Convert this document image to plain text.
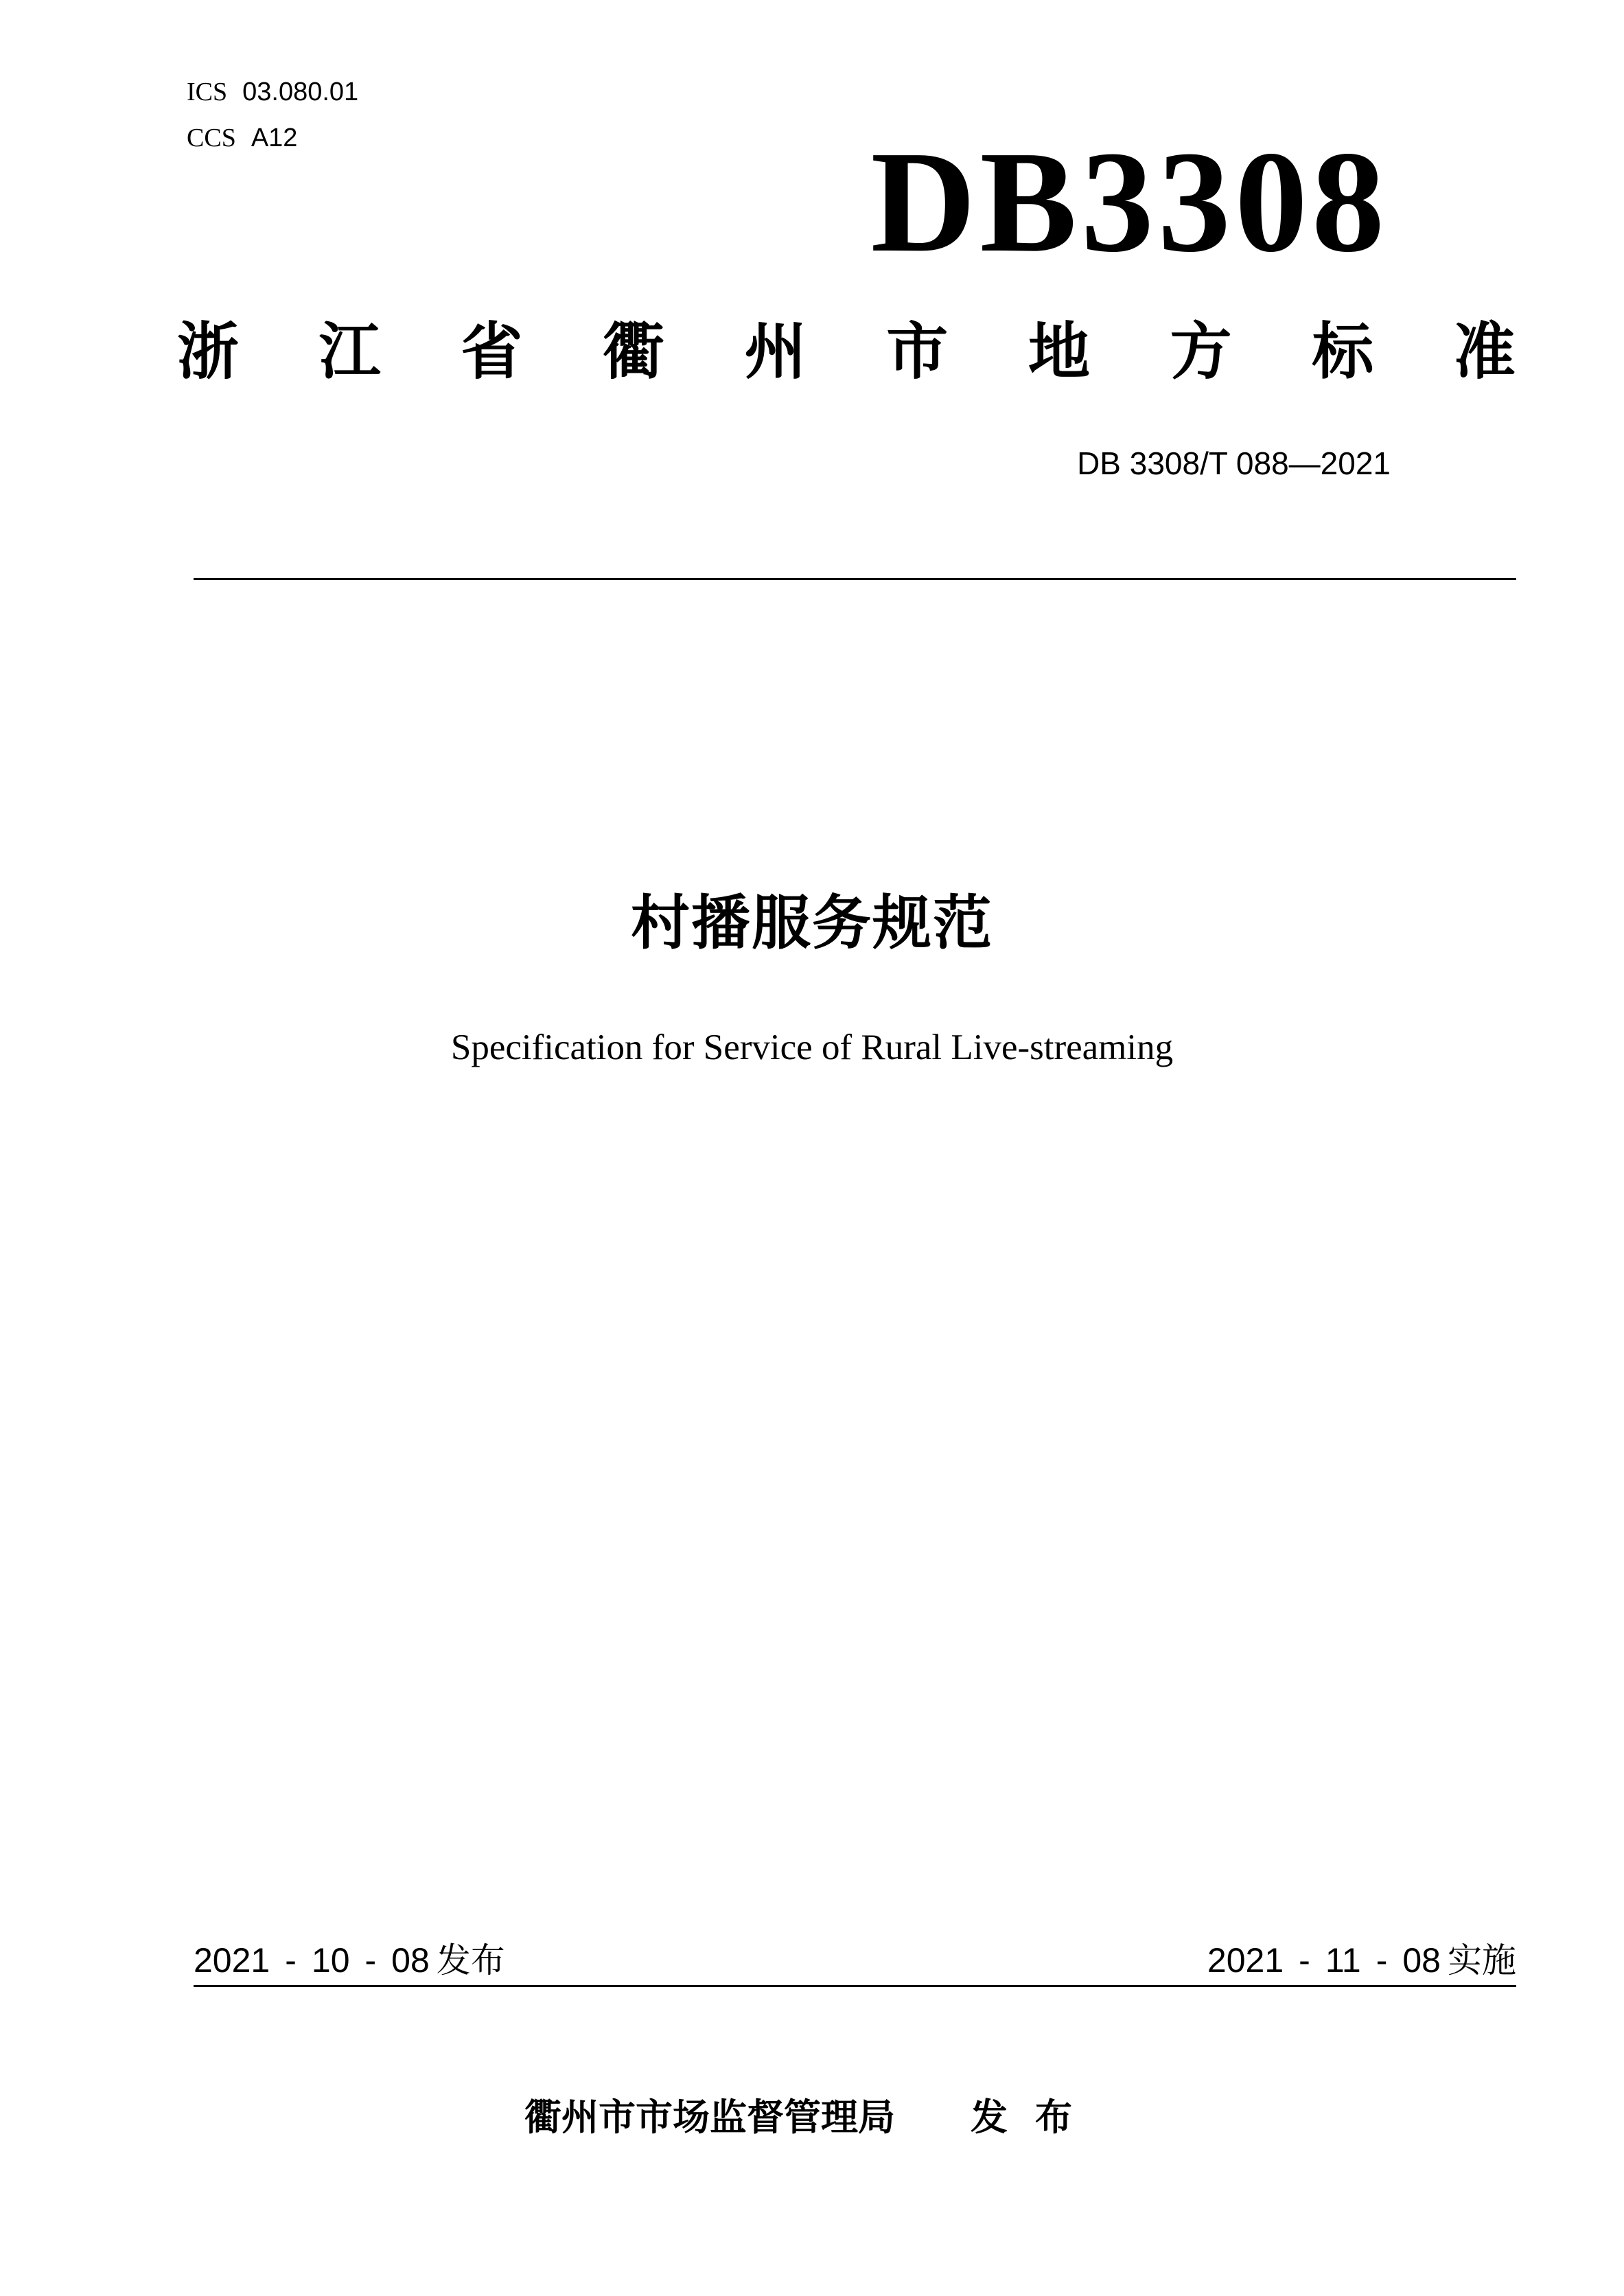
ICS 03.080.01
CCS A12	DB3308
浙 江 省 衢 州 市 地 方 标 准
DB 3308/T 088—2021
村播服务规范
Specification for Service of Rural Live-streaming
2021 - 10 - 08 发布	2021 - 11 - 08 实施
衢州市市场监督管理局 发布
